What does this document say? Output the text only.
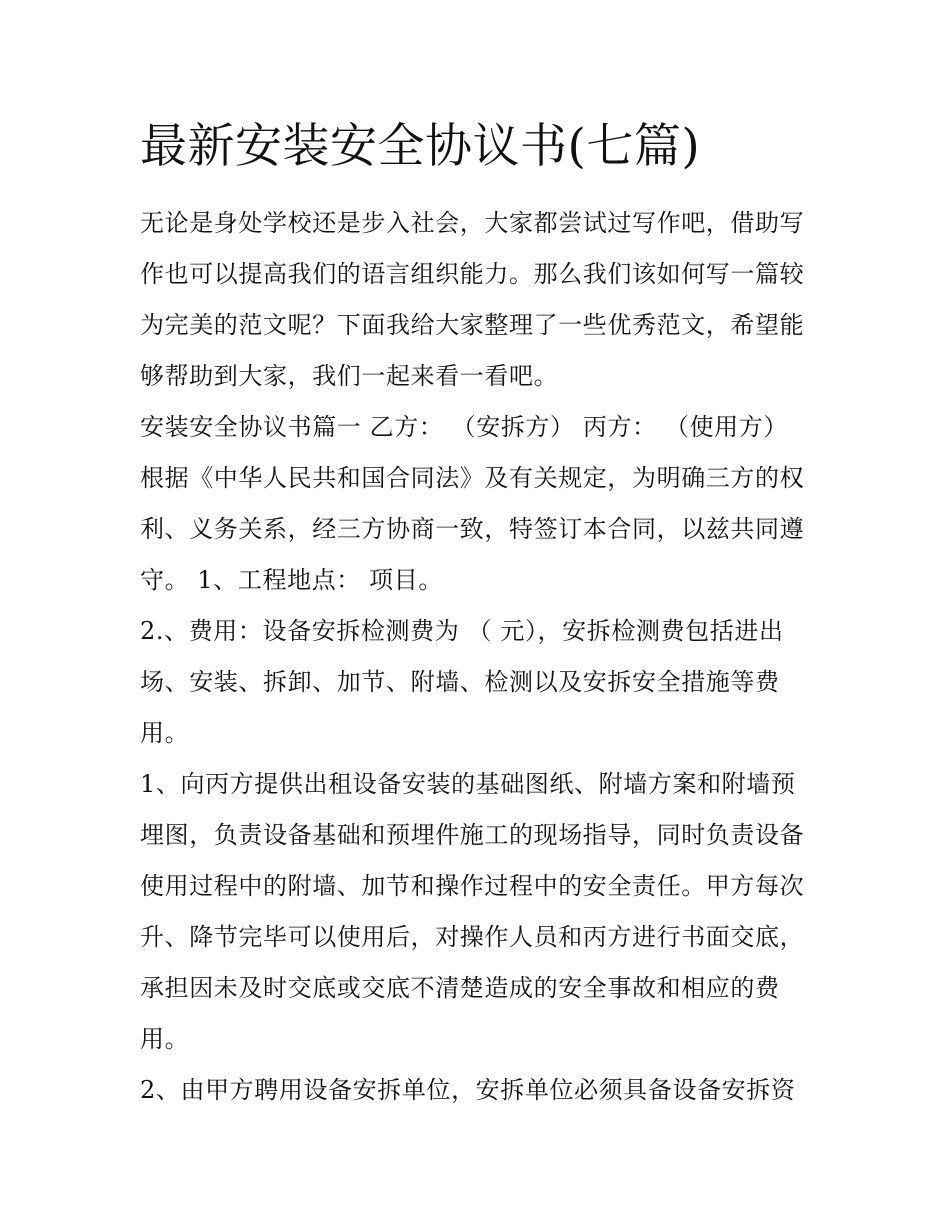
最新安装安全协议书(七篇)
无论是身处学校还是步入社会，大家都尝试过写作吧，借助写
作也可以提高我们的语言组织能力。那么我们该如何写一篇较
为完美的范文呢？下面我给大家整理了一些优秀范文，希望能
够帮助到大家，我们一起来看一看吧。
安装安全协议书篇一 乙方： （安拆方） 丙方： （使用方）
根据《中华人民共和国合同法》及有关规定，为明确三方的权
利、义务关系，经三方协商一致，特签订本合同，以兹共同遵
守。 1、工程地点： 项目。
2.、费用：设备安拆检测费为 （ 元），安拆检测费包括进出
场、安装、拆卸、加节、附墙、检测以及安拆安全措施等费
用。
1、向丙方提供出租设备安装的基础图纸、附墙方案和附墙预
埋图，负责设备基础和预埋件施工的现场指导，同时负责设备
使用过程中的附墙、加节和操作过程中的安全责任。甲方每次
升、降节完毕可以使用后，对操作人员和丙方进行书面交底，
承担因未及时交底或交底不清楚造成的安全事故和相应的费
用。
2、由甲方聘用设备安拆单位，安拆单位必须具备设备安拆资
